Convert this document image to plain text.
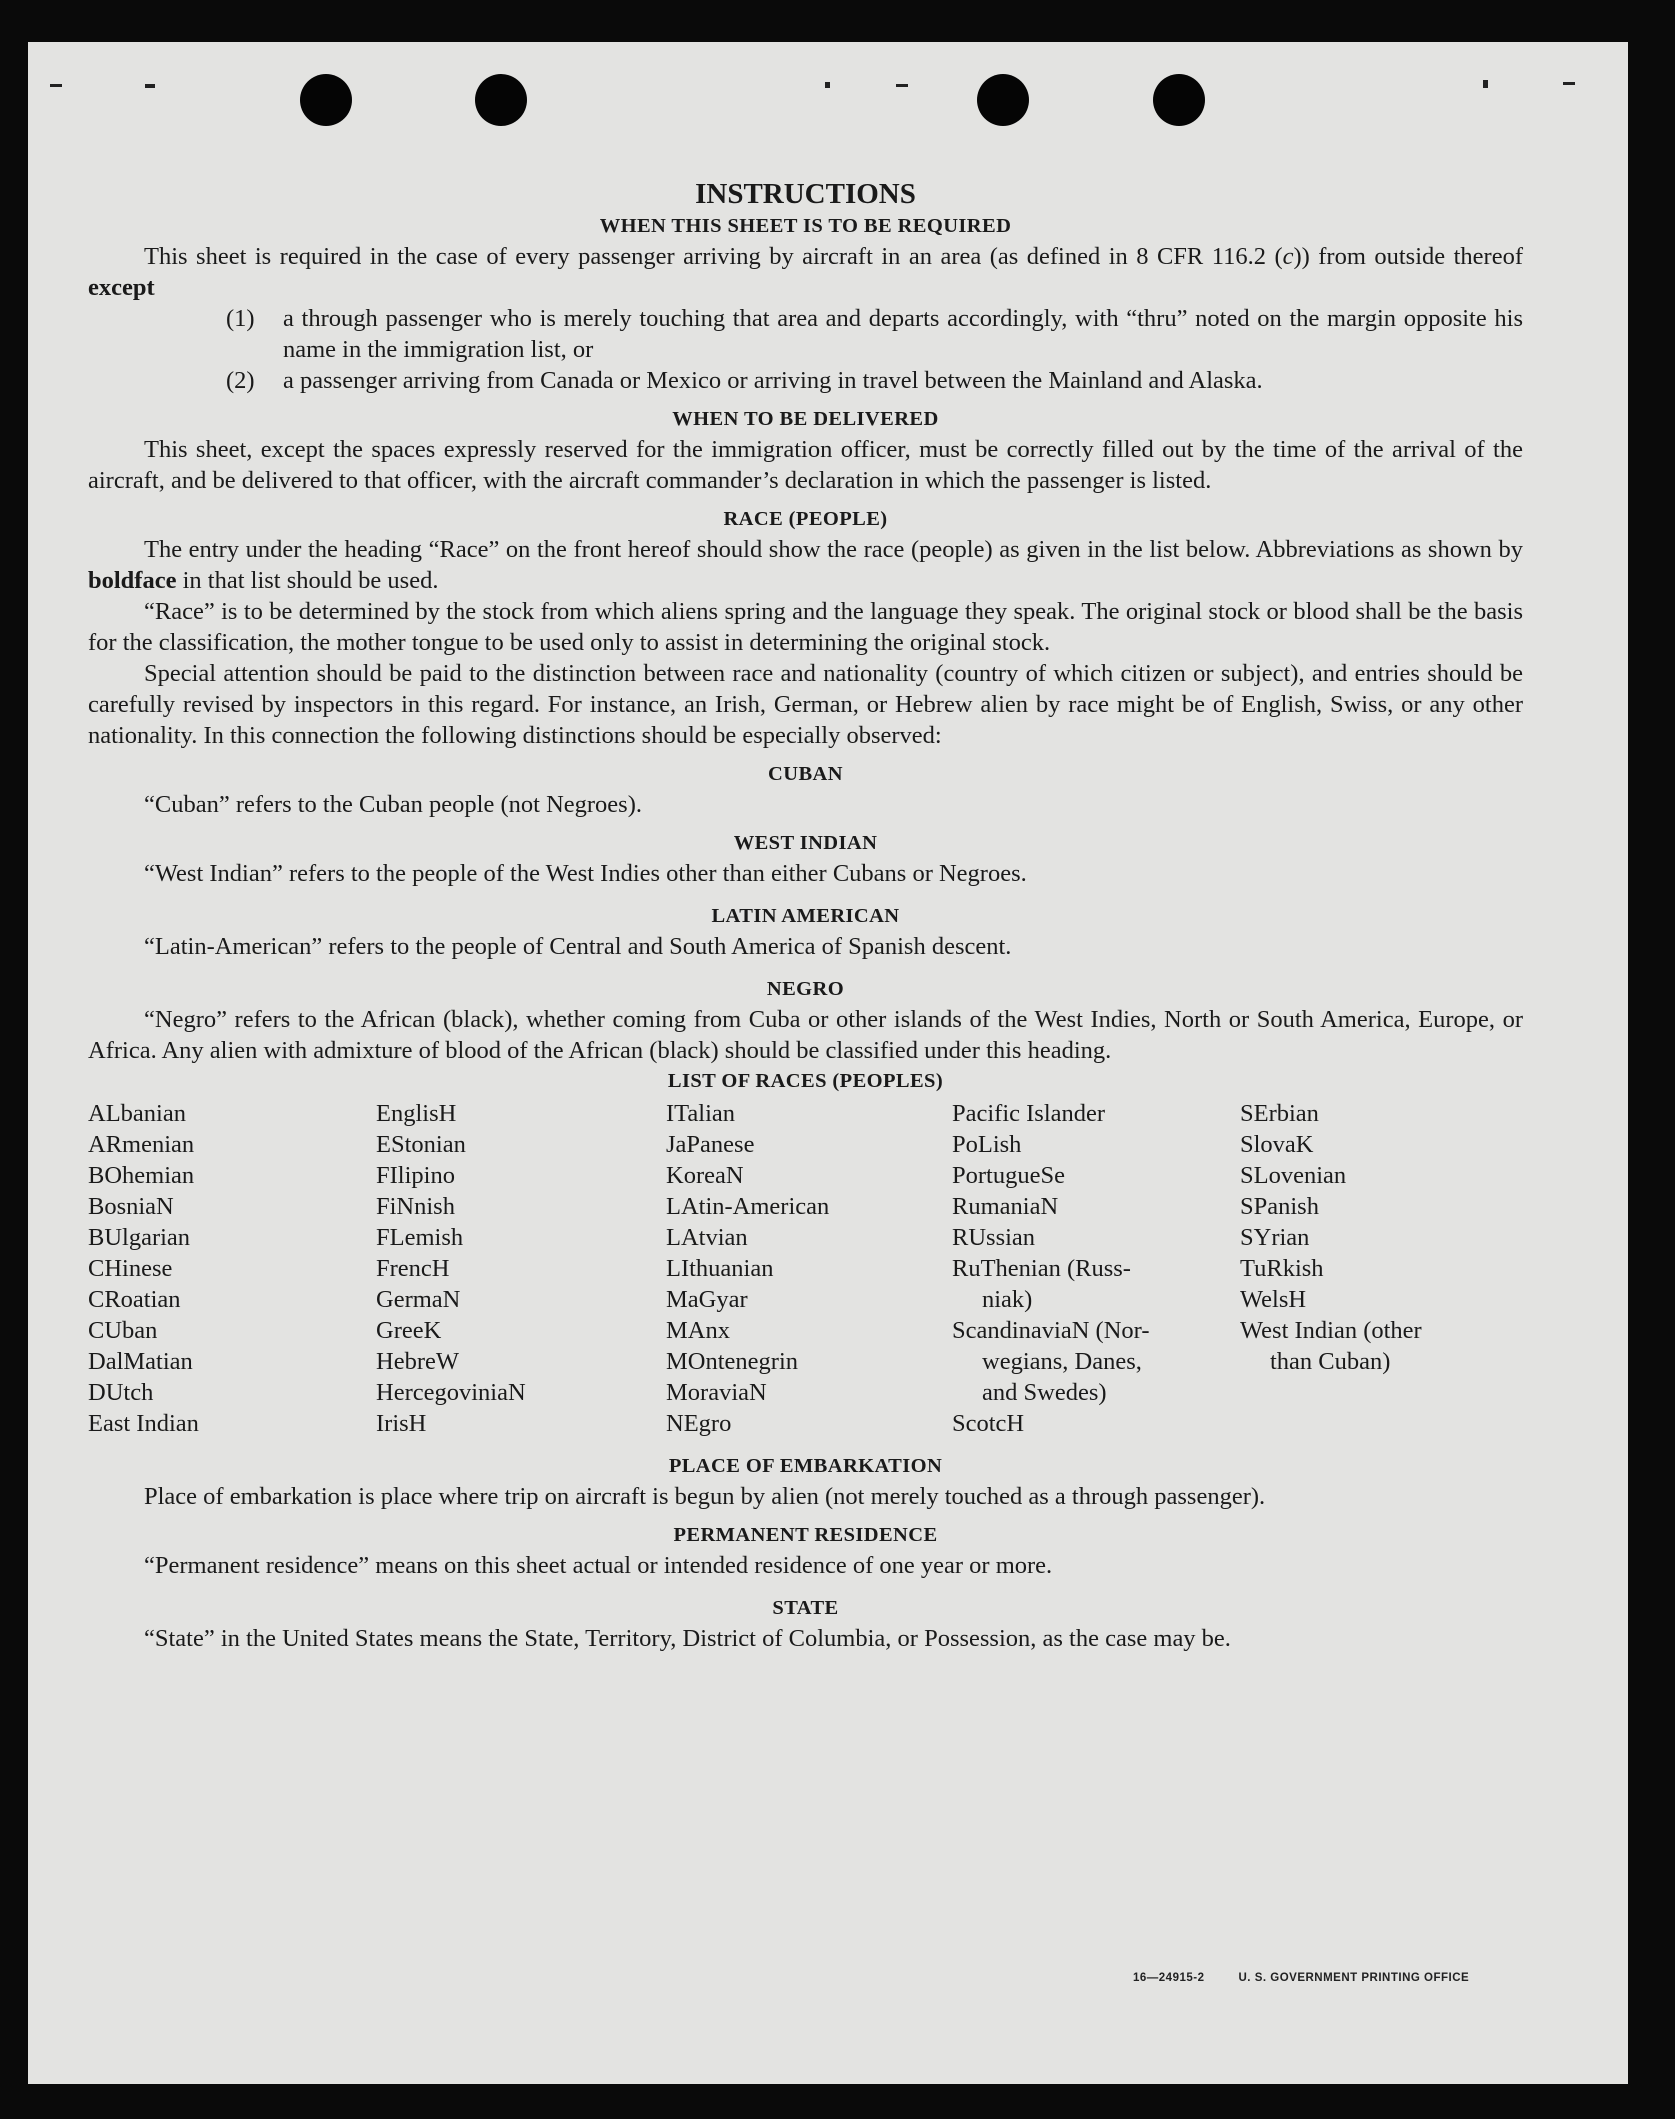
INSTRUCTIONS
WHEN THIS SHEET IS TO BE REQUIRED

This sheet is required in the case of every passenger arriving by aircraft in an area (as defined in 8 CFR 116.2 (c)) from outside thereof except

(1) a through passenger who is merely touching that area and departs accordingly, with “thru” noted on the margin opposite his name in the immigration list, or
(2) a passenger arriving from Canada or Mexico or arriving in travel between the Mainland and Alaska.
WHEN TO BE DELIVERED

This sheet, except the spaces expressly reserved for the immigration officer, must be correctly filled out by the time of the arrival of the aircraft, and be delivered to that officer, with the aircraft commander’s declaration in which the passenger is listed.

RACE (PEOPLE)

The entry under the heading “Race” on the front hereof should show the race (people) as given in the list below. Abbreviations as shown by boldface in that list should be used.

“Race” is to be determined by the stock from which aliens spring and the language they speak. The original stock or blood shall be the basis for the classification, the mother tongue to be used only to assist in determining the original stock.

Special attention should be paid to the distinction between race and nationality (country of which citizen or subject), and entries should be carefully revised by inspectors in this regard. For instance, an Irish, German, or Hebrew alien by race might be of English, Swiss, or any other nationality. In this connection the following distinctions should be especially observed:

CUBAN

“Cuban” refers to the Cuban people (not Negroes).

WEST INDIAN

“West Indian” refers to the people of the West Indies other than either Cubans or Negroes.

LATIN AMERICAN

“Latin-American” refers to the people of Central and South America of Spanish descent.

NEGRO

“Negro” refers to the African (black), whether coming from Cuba or other islands of the West Indies, North or South America, Europe, or Africa. Any alien with admixture of blood of the African (black) should be classified under this heading.

LIST OF RACES (PEOPLES)
ALbanian
ARmenian
BOhemian
BosniaN
BUlgarian
CHinese
CRoatian
CUban
DalMatian
DUtch
East Indian
EnglisH
EStonian
FIlipino
FiNnish
FLemish
FrencH
GermaN
GreeK
HebreW
HercegoviniaN
IrisH
ITalian
JaPanese
KoreaN
LAtin-American
LAtvian
LIthuanian
MaGyar
MAnx
MOntenegrin
MoraviaN
NEgro
Pacific Islander
PoLish
PortugueSe
RumaniaN
RUssian
RuThenian (Russ-
niak)
ScandinaviaN (Nor-
wegians, Danes,
and Swedes)
ScotcH
SErbian
SlovaK
SLovenian
SPanish
SYrian
TuRkish
WelsH
West Indian (other
than Cuban)
PLACE OF EMBARKATION

Place of embarkation is place where trip on aircraft is begun by alien (not merely touched as a through passenger).

PERMANENT RESIDENCE

“Permanent residence” means on this sheet actual or intended residence of one year or more.

STATE

“State” in the United States means the State, Territory, District of Columbia, or Possession, as the case may be.

16—24915-2	U. S. GOVERNMENT PRINTING OFFICE
